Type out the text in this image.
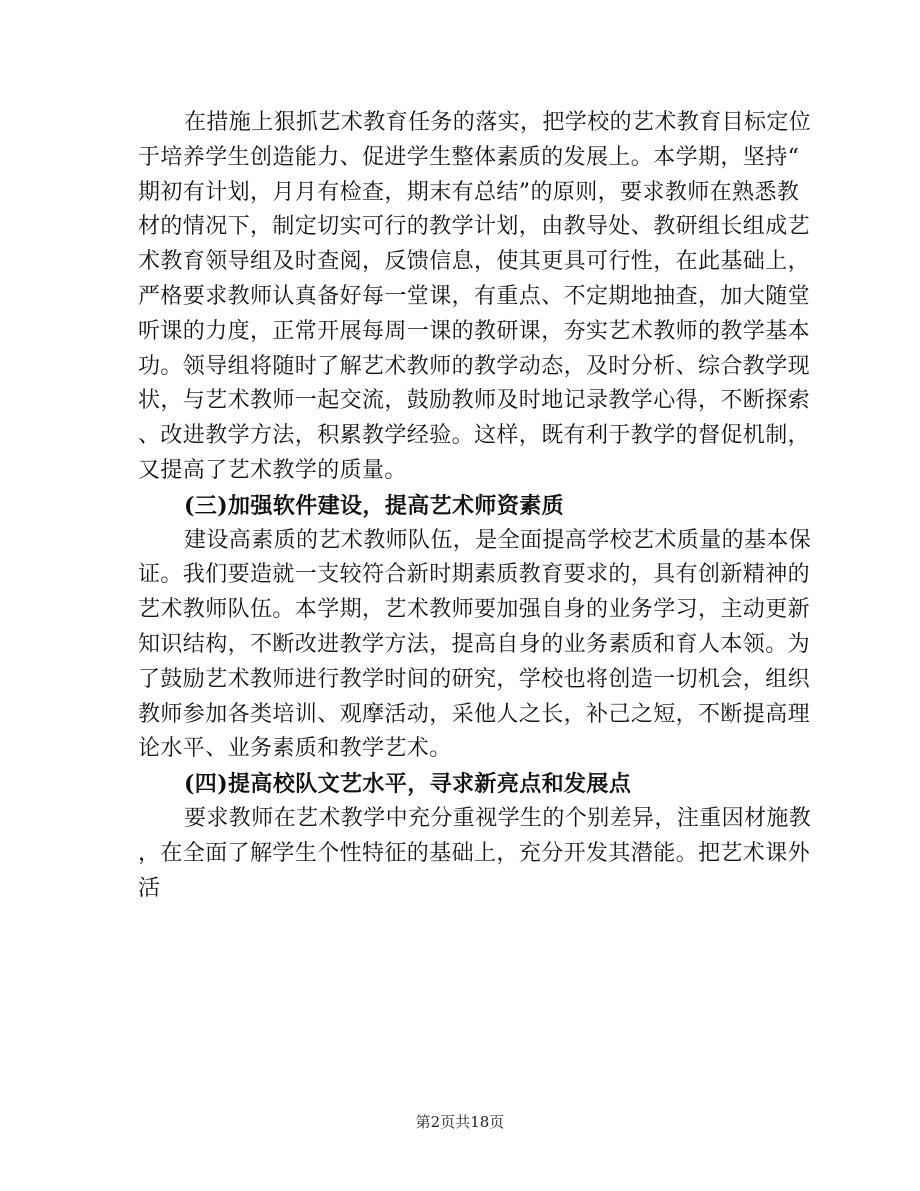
在措施上狠抓艺术教育任务的落实，把学校的艺术教育目标定位
于培养学生创造能力、促进学生整体素质的发展上。本学期，坚持“
期初有计划，月月有检查，期末有总结”的原则，要求教师在熟悉教
材的情况下，制定切实可行的教学计划，由教导处、教研组长组成艺
术教育领导组及时查阅，反馈信息，使其更具可行性，在此基础上，
严格要求教师认真备好每一堂课，有重点、不定期地抽查，加大随堂
听课的力度，正常开展每周一课的教研课，夯实艺术教师的教学基本
功。领导组将随时了解艺术教师的教学动态，及时分析、综合教学现
状，与艺术教师一起交流，鼓励教师及时地记录教学心得，不断探索
、改进教学方法，积累教学经验。这样，既有利于教学的督促机制，
又提高了艺术教学的质量。
(三)加强软件建设，提高艺术师资素质
建设高素质的艺术教师队伍，是全面提高学校艺术质量的基本保
证。我们要造就一支较符合新时期素质教育要求的，具有创新精神的
艺术教师队伍。本学期，艺术教师要加强自身的业务学习，主动更新
知识结构，不断改进教学方法，提高自身的业务素质和育人本领。为
了鼓励艺术教师进行教学时间的研究，学校也将创造一切机会，组织
教师参加各类培训、观摩活动，采他人之长，补己之短，不断提高理
论水平、业务素质和教学艺术。
(四)提高校队文艺水平，寻求新亮点和发展点
要求教师在艺术教学中充分重视学生的个别差异，注重因材施教
，在全面了解学生个性特征的基础上，充分开发其潜能。把艺术课外
活
第2页共18页
